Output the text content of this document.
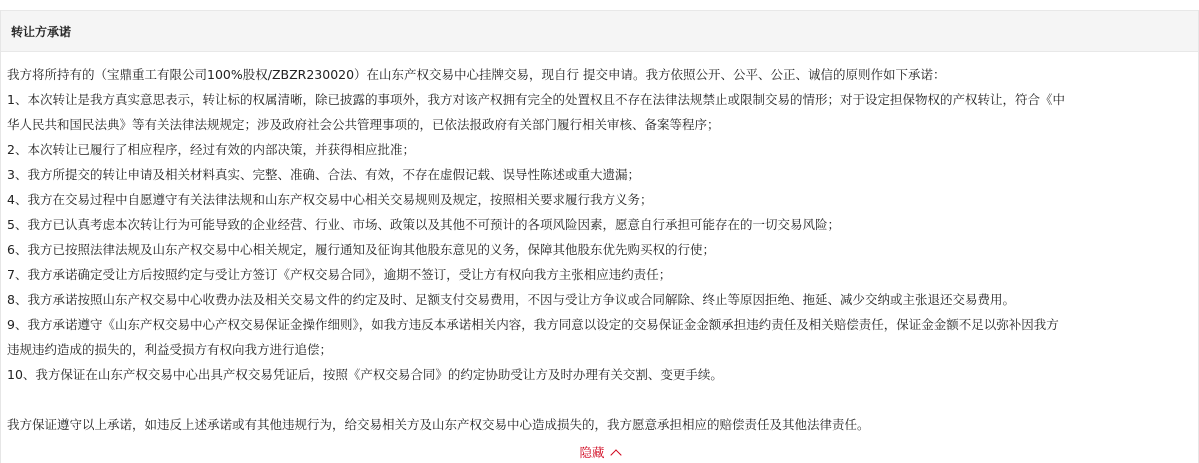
转让方承诺
我方将所持有的（宝鼎重工有限公司100%股权/ZBZR230020）在山东产权交易中心挂牌交易，现自行 提交申请。我方依照公开、公平、公正、诚信的原则作如下承诺：
1、本次转让是我方真实意思表示，转让标的权属清晰，除已披露的事项外，我方对该产权拥有完全的处置权且不存在法律法规禁止或限制交易的情形；对于设定担保物权的产权转让，符合《中
华人民共和国民法典》等有关法律法规规定；涉及政府社会公共管理事项的，已依法报政府有关部门履行相关审核、备案等程序；
2、本次转让已履行了相应程序，经过有效的内部决策，并获得相应批准；
3、我方所提交的转让申请及相关材料真实、完整、准确、合法、有效，不存在虚假记载、误导性陈述或重大遗漏；
4、我方在交易过程中自愿遵守有关法律法规和山东产权交易中心相关交易规则及规定，按照相关要求履行我方义务；
5、我方已认真考虑本次转让行为可能导致的企业经营、行业、市场、政策以及其他不可预计的各项风险因素，愿意自行承担可能存在的一切交易风险；
6、我方已按照法律法规及山东产权交易中心相关规定，履行通知及征询其他股东意见的义务，保障其他股东优先购买权的行使；
7、我方承诺确定受让方后按照约定与受让方签订《产权交易合同》，逾期不签订，受让方有权向我方主张相应违约责任；
8、我方承诺按照山东产权交易中心收费办法及相关交易文件的约定及时、足额支付交易费用，不因与受让方争议或合同解除、终止等原因拒绝、拖延、减少交纳或主张退还交易费用。
9、我方承诺遵守《山东产权交易中心产权交易保证金操作细则》，如我方违反本承诺相关内容，我方同意以设定的交易保证金金额承担违约责任及相关赔偿责任，保证金金额不足以弥补因我方
违规违约造成的损失的，利益受损方有权向我方进行追偿；
10、我方保证在山东产权交易中心出具产权交易凭证后，按照《产权交易合同》的约定协助受让方及时办理有关交割、变更手续。
我方保证遵守以上承诺，如违反上述承诺或有其他违规行为，给交易相关方及山东产权交易中心造成损失的，我方愿意承担相应的赔偿责任及其他法律责任。
隐藏
